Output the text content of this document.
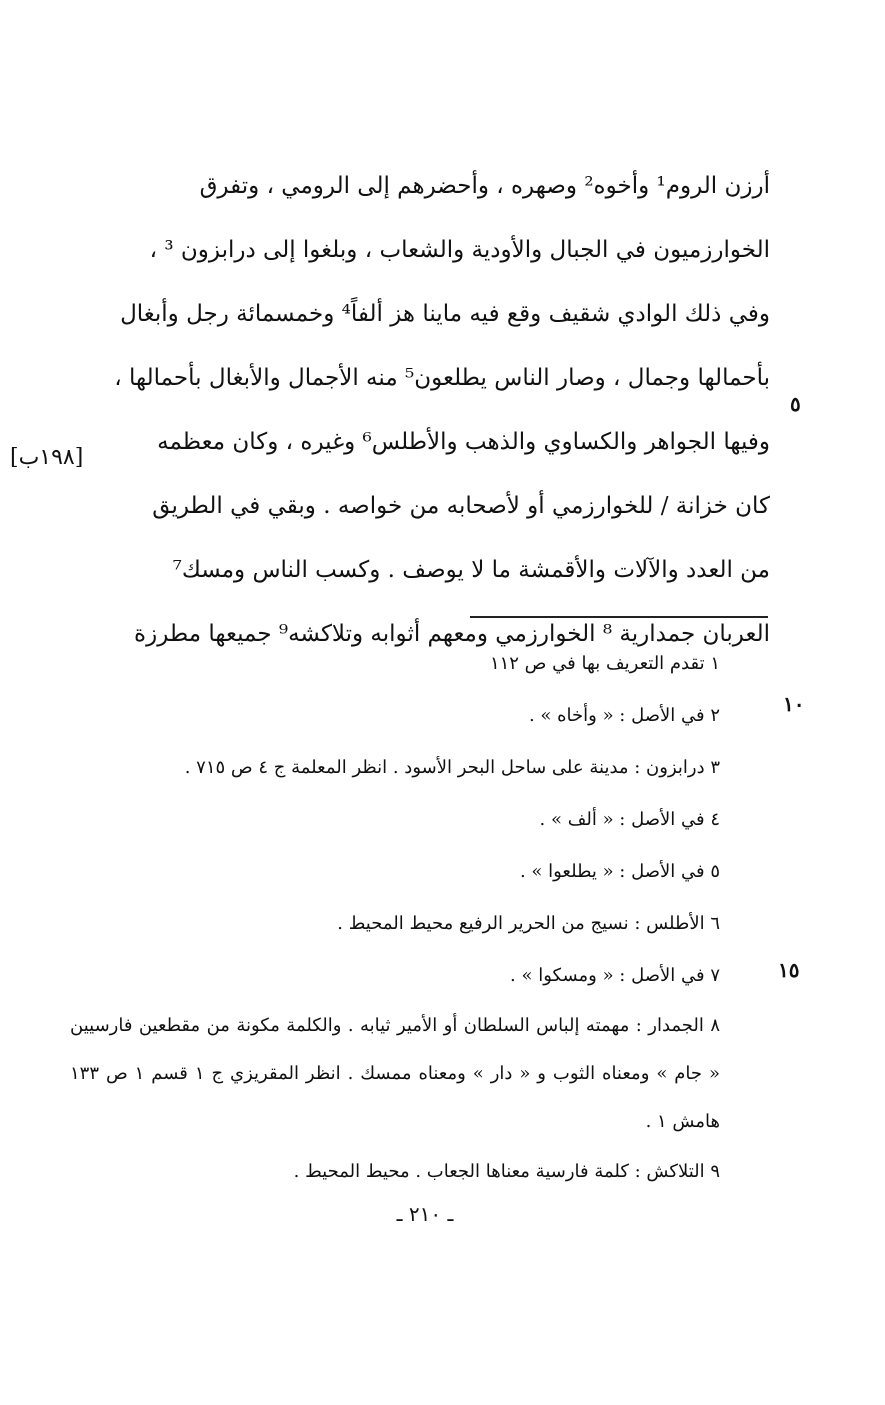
[١٩٨ب]
أرزن الروم¹ وأخوه² وصهره ، وأحضرهم إلى الرومي ، وتفرق
الخوارزميون في الجبال والأودية والشعاب ، وبلغوا إلى درابزون ³ ،
وفي ذلك الوادي شقيف وقع فيه ماينا هز ألفاً⁴ وخمسمائة رجل وأبغال
بأحمالها وجمال ، وصار الناس يطلعون⁵ منه الأجمال والأبغال بأحمالها ،
وفيها الجواهر والكساوي والذهب والأطلس⁶ وغيره ، وكان معظمه
كان خزانة / للخوارزمي أو لأصحابه من خواصه . وبقي في الطريق
من العدد والآلات والأقمشة ما لا يوصف . وكسب الناس ومسك⁷
العربان جمدارية ⁸ الخوارزمي ومعهم أثوابه وتلاكشه⁹ جميعها مطرزة
٥
١٠
١٥
١ تقدم التعريف بها في ص ١١٢
٢ في الأصل : « وأخاه » .
٣ درابزون : مدينة على ساحل البحر الأسود . انظر المعلمة ج ٤ ص ٧١٥ .
٤ في الأصل : « ألف » .
٥ في الأصل : « يطلعوا » .
٦ الأطلس : نسيج من الحرير الرفيع محيط المحيط .
٧ في الأصل : « ومسكوا » .
٨ الجمدار : مهمته إلباس السلطان أو الأمير ثيابه . والكلمة مكونة من مقطعين فارسيين « جام » ومعناه الثوب و « دار » ومعناه ممسك . انظر المقريزي ج ١ قسم ١ ص ١٣٣ هامش ١ .
٩ التلاكش : كلمة فارسية معناها الجعاب . محيط المحيط .
ـ ٢١٠ ـ
